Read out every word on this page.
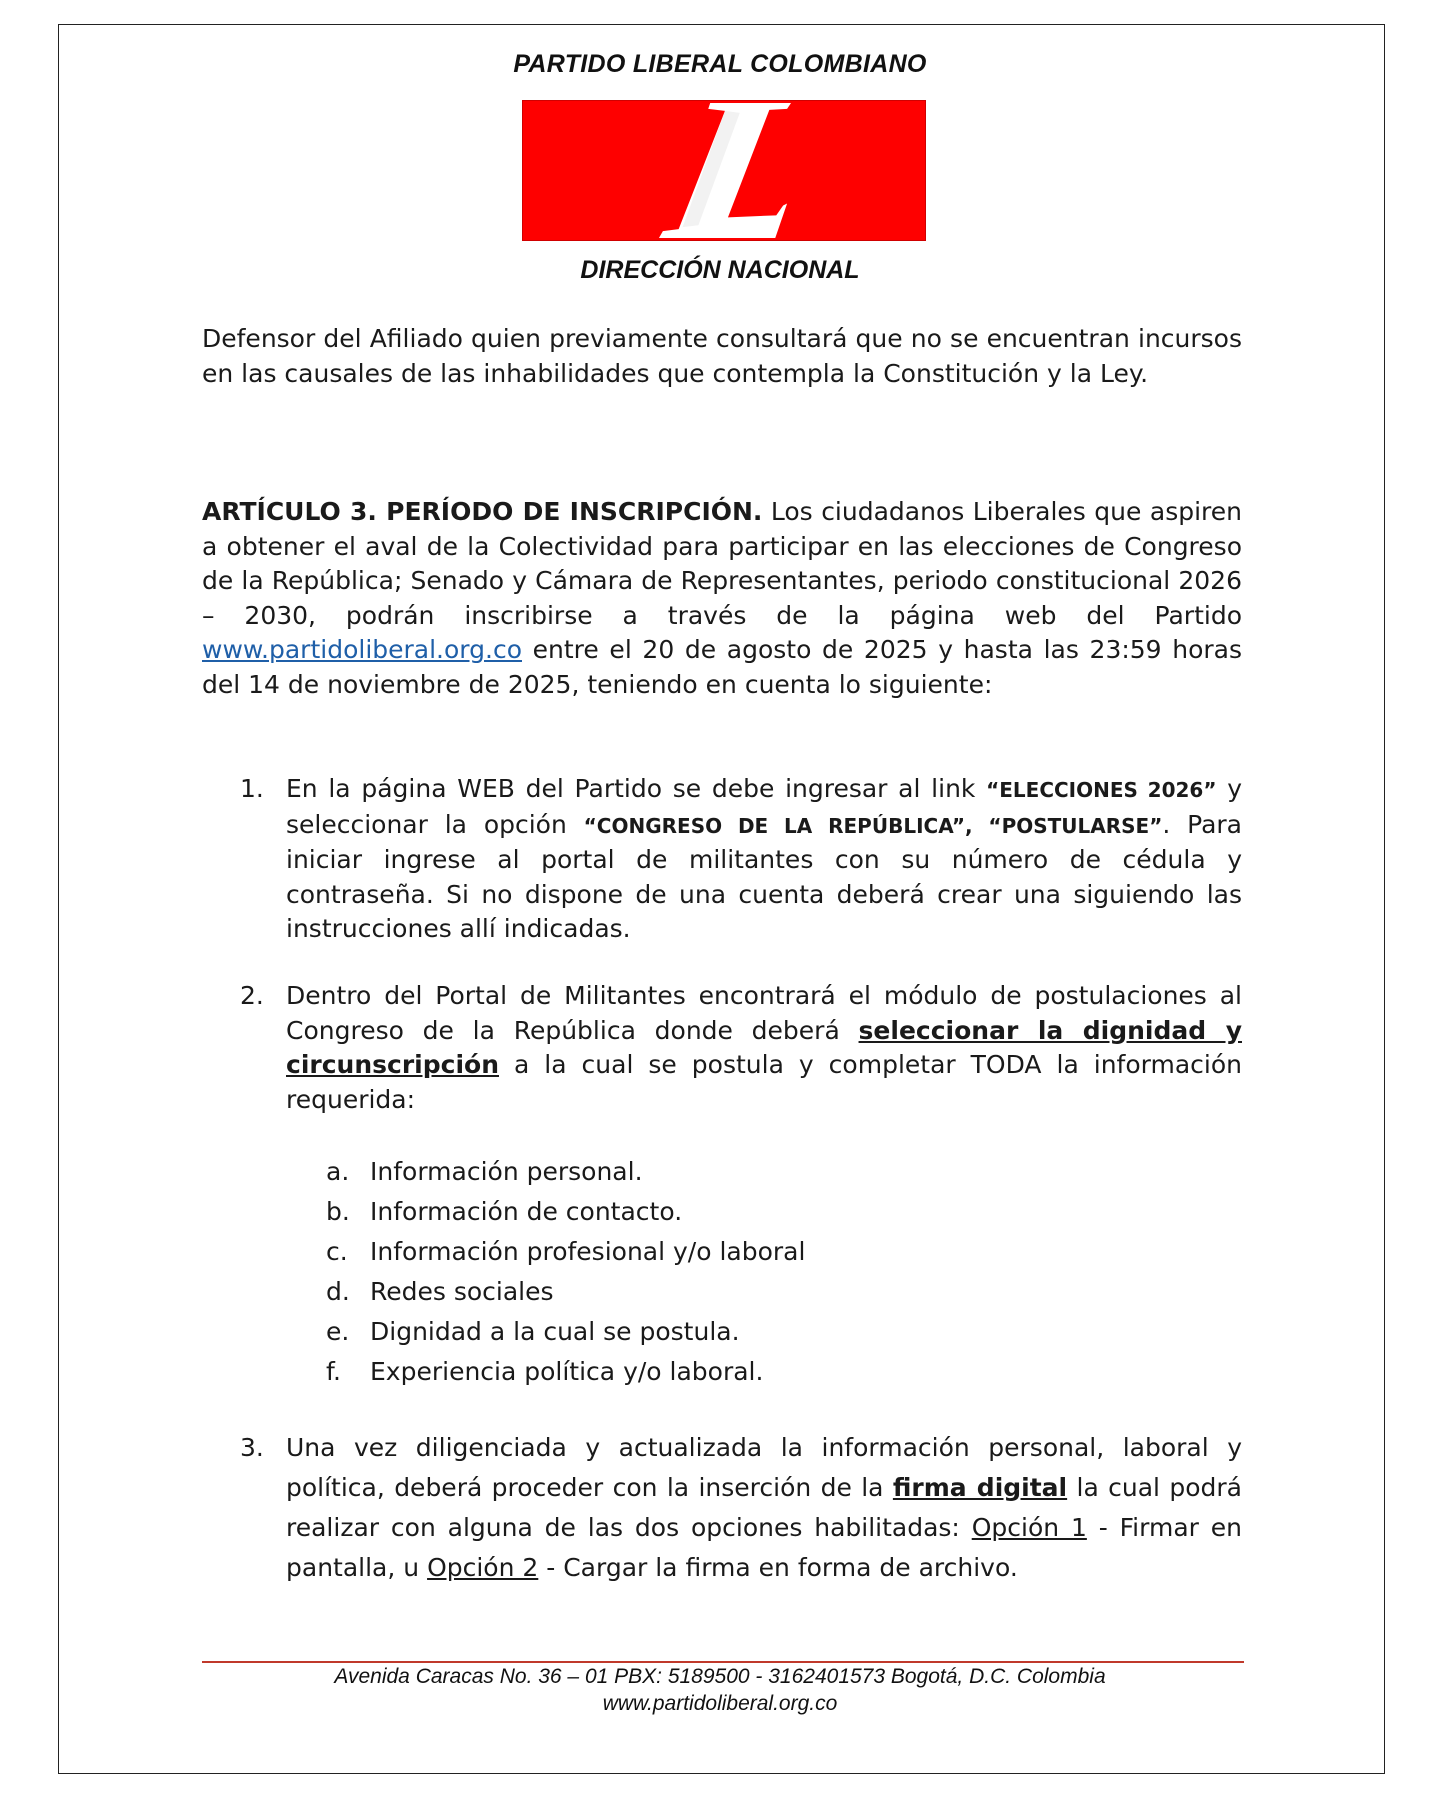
PARTIDO LIBERAL COLOMBIANO
DIRECCIÓN NACIONAL

Defensor del Afiliado quien previamente consultará que no se encuentran incursos en las causales de las inhabilidades que contempla la Constitución y la Ley.

ARTÍCULO 3. PERÍODO DE INSCRIPCIÓN. Los ciudadanos Liberales que aspiren a obtener el aval de la Colectividad para participar en las elecciones de Congreso de la República; Senado y Cámara de Representantes, periodo constitucional 2026 – 2030, podrán inscribirse a través de la página web del Partido www.partidoliberal.org.co entre el 20 de agosto de 2025 y hasta las 23:59 horas del 14 de noviembre de 2025, teniendo en cuenta lo siguiente:

1. En la página WEB del Partido se debe ingresar al link “ELECCIONES 2026” y seleccionar la opción “CONGRESO DE LA REPÚBLICA”, “POSTULARSE”. Para iniciar ingrese al portal de militantes con su número de cédula y contraseña. Si no dispone de una cuenta deberá crear una siguiendo las instrucciones allí indicadas.

2. Dentro del Portal de Militantes encontrará el módulo de postulaciones al Congreso de la República donde deberá seleccionar la dignidad y circunscripción a la cual se postula y completar TODA la información requerida:

a. Información personal.
b. Información de contacto.
c. Información profesional y/o laboral
d. Redes sociales
e. Dignidad a la cual se postula.
f.	Experiencia política y/o laboral.
3. Una vez diligenciada y actualizada la información personal, laboral y política, deberá proceder con la inserción de la firma digital la cual podrá realizar con alguna de las dos opciones habilitadas: Opción 1 - Firmar en pantalla, u Opción 2 - Cargar la firma en forma de archivo.

Avenida Caracas No. 36 – 01 PBX: 5189500 - 3162401573 Bogotá, D.C. Colombia
www.partidoliberal.org.co
